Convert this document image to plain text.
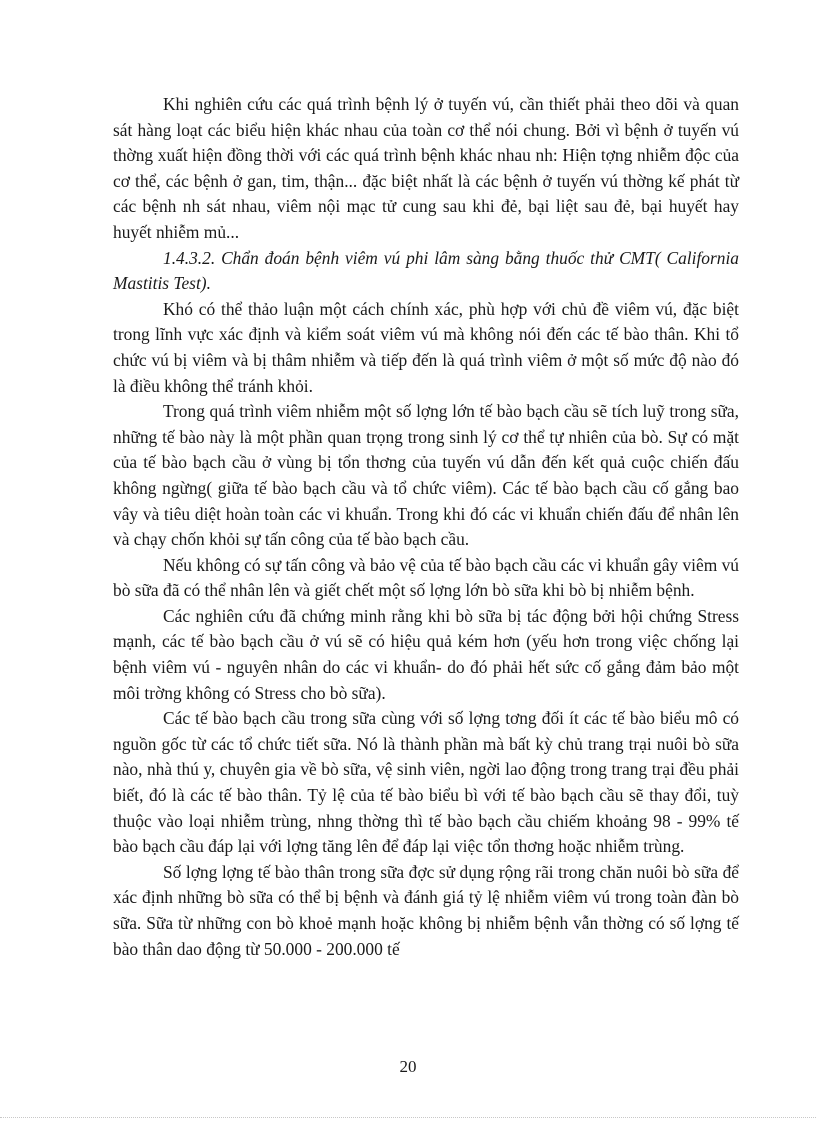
Khi nghiên cứu các quá trình bệnh lý ở tuyến vú, cần thiết phải theo dõi và quan sát hàng loạt các biểu hiện khác nhau của toàn cơ thể nói chung. Bởi vì bệnh ở tuyến vú thờng xuất hiện đồng thời với các quá trình bệnh khác nhau nh: Hiện tợng nhiễm độc của cơ thể, các bệnh ở gan, tim, thận... đặc biệt nhất là các bệnh ở tuyến vú thờng kế phát từ các bệnh nh sát nhau, viêm nội mạc tử cung sau khi đẻ, bại liệt sau đẻ, bại huyết hay huyết nhiễm mủ...

1.4.3.2. Chẩn đoán bệnh viêm vú phi lâm sàng bằng thuốc thử CMT( California Mastitis Test).

Khó có thể thảo luận một cách chính xác, phù hợp với chủ đề viêm vú, đặc biệt trong lĩnh vực xác định và kiểm soát viêm vú mà không nói đến các tế bào thân. Khi tổ chức vú bị viêm và bị thâm nhiễm và tiếp đến là quá trình viêm ở một số mức độ nào đó là điều không thể tránh khỏi.

Trong quá trình viêm nhiễm một số lợng lớn tế bào bạch cầu sẽ tích luỹ trong sữa, những tế bào này là một phần quan trọng trong sinh lý cơ thể tự nhiên của bò. Sự có mặt của tế bào bạch cầu ở vùng bị tổn thơng của tuyến vú dẫn đến kết quả cuộc chiến đấu không ngừng( giữa tế bào bạch cầu và tổ chức viêm). Các tế bào bạch cầu cố gắng bao vây và tiêu diệt hoàn toàn các vi khuẩn. Trong khi đó các vi khuẩn chiến đấu để nhân lên và chạy chốn khỏi sự tấn công của tế bào bạch cầu.

Nếu không có sự tấn công và bảo vệ của tế bào bạch cầu các vi khuẩn gây viêm vú bò sữa đã có thể nhân lên và giết chết một số lợng lớn bò sữa khi bò bị nhiễm bệnh.

Các nghiên cứu đã chứng minh rằng khi bò sữa bị tác động bởi hội chứng Stress mạnh, các tế bào bạch cầu ở vú sẽ có hiệu quả kém hơn (yếu hơn trong việc chống lại bệnh viêm vú - nguyên nhân do các vi khuẩn- do đó phải hết sức cố gắng đảm bảo một môi trờng không có Stress cho bò sữa).

Các tế bào bạch cầu trong sữa cùng với số lợng tơng đối ít các tế bào biểu mô có nguồn gốc từ các tổ chức tiết sữa. Nó là thành phần mà bất kỳ chủ trang trại nuôi bò sữa nào, nhà thú y, chuyên gia về bò sữa, vệ sinh viên, ngời lao động trong trang trại đều phải biết, đó là các tế bào thân. Tỷ lệ của tế bào biểu bì với tế bào bạch cầu sẽ thay đổi, tuỳ thuộc vào loại nhiễm trùng, nhng thờng thì tế bào bạch cầu chiếm khoảng 98 - 99% tế bào bạch cầu đáp lại với lợng tăng lên để đáp lại việc tổn thơng hoặc nhiễm trùng.

Số lợng lợng tế bào thân trong sữa đợc sử dụng rộng rãi trong chăn nuôi bò sữa để xác định những bò sữa có thể bị bệnh và đánh giá tỷ lệ nhiễm viêm vú trong toàn đàn bò sữa. Sữa từ những con bò khoẻ mạnh hoặc không bị nhiễm bệnh vẫn thờng có số lợng tế bào thân dao động từ 50.000 - 200.000 tế

20
